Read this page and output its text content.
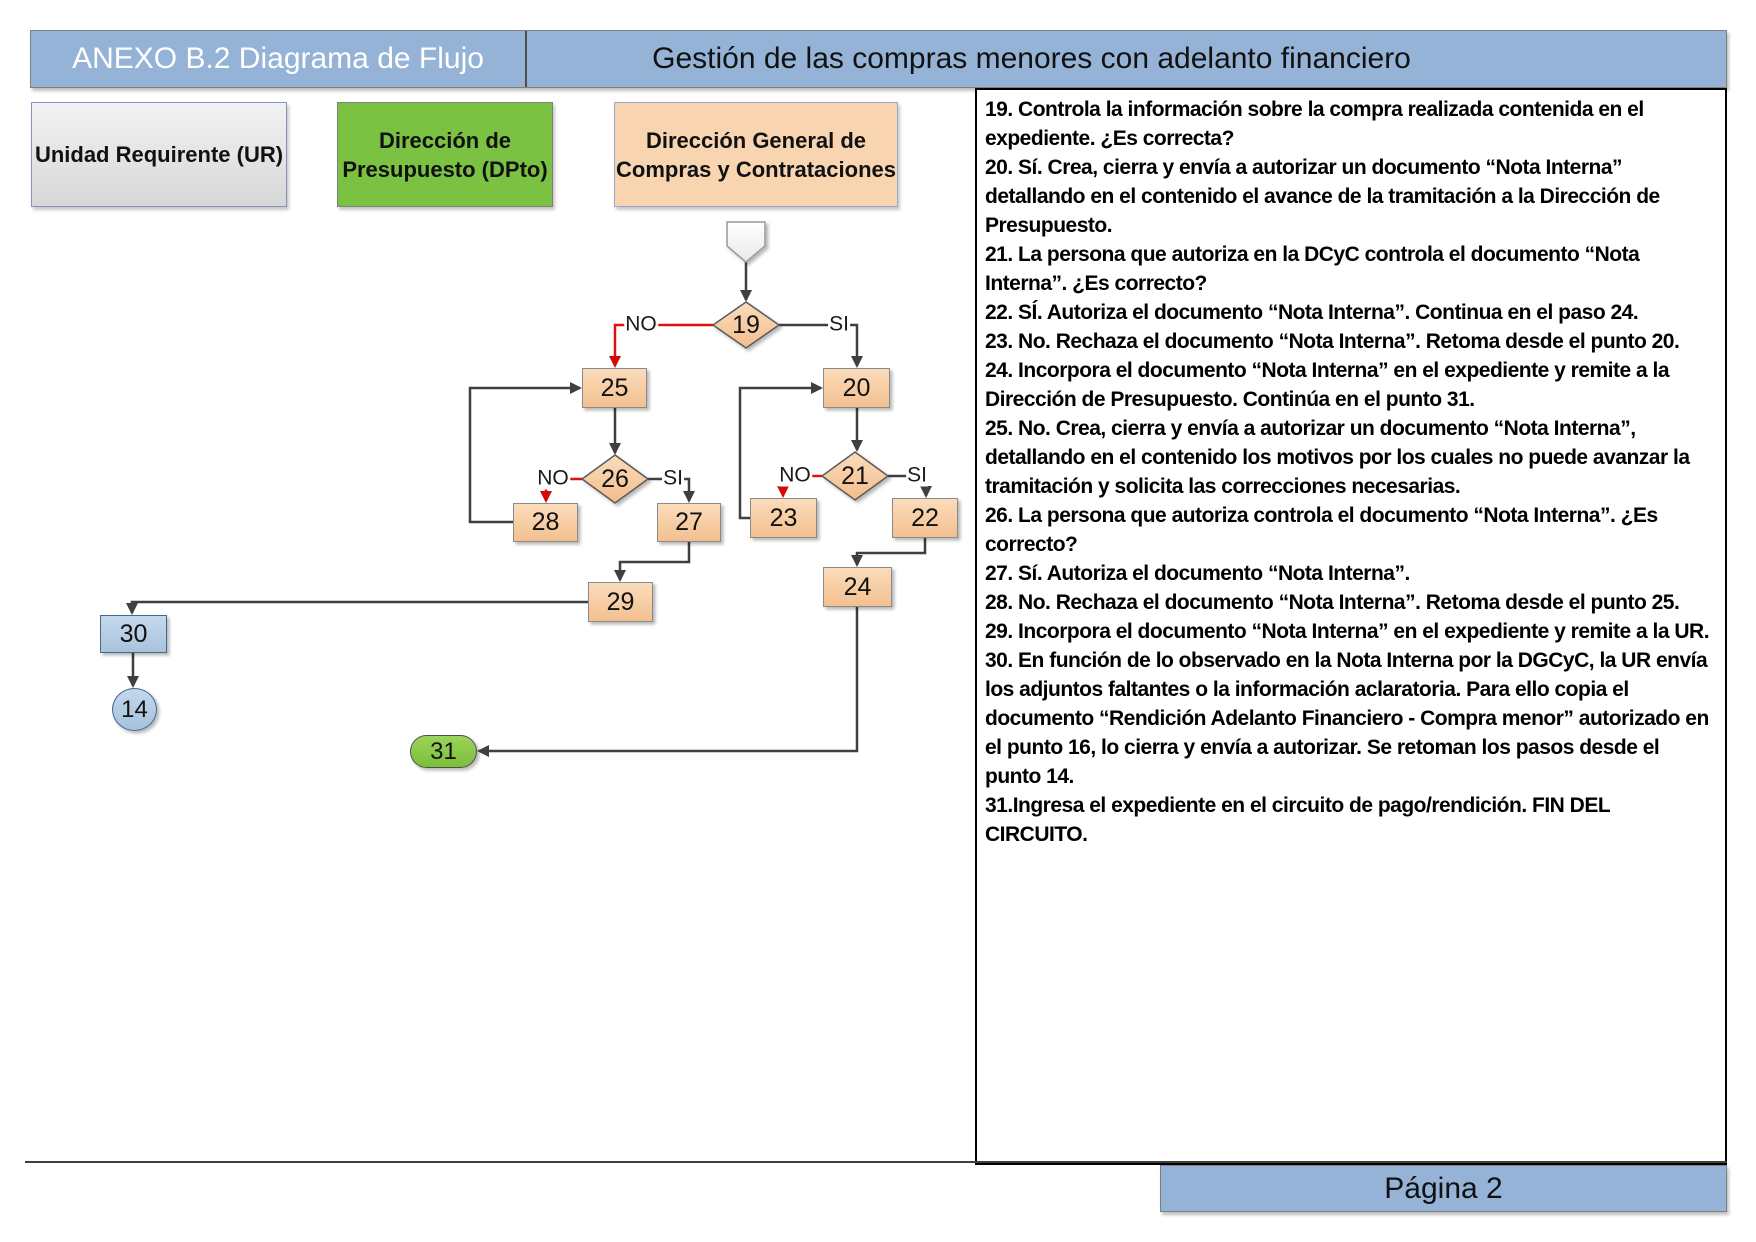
ANEXO B.2 Diagrama de Flujo	Gestión de las compras menores con adelanto financiero
Unidad Requirente (UR)
Dirección de Presupuesto (DPto)
Dirección General de Compras y Contrataciones
19
26	21
NO	SI
NO	SI	NO	SI
25	20
28	27	23	22
29
24
30
14
31

19. Controla la información sobre la compra realizada contenida en el expediente. ¿Es correcta?

20. Sí. Crea, cierra y envía a autorizar un documento “Nota Interna” detallando en el contenido el avance de la tramitación a la Dirección de Presupuesto.

21. La persona que autoriza en la DCyC controla el documento “Nota Interna”. ¿Es correcto?

22. SÍ. Autoriza el documento “Nota Interna”. Continua en el paso 24.

23. No. Rechaza el documento “Nota Interna”. Retoma desde el punto 20.

24. Incorpora el documento “Nota Interna” en el expediente y remite a la Dirección de Presupuesto. Continúa en el punto 31.

25. No. Crea, cierra y envía a autorizar un documento “Nota Interna”, detallando en el contenido los motivos por los cuales no puede avanzar la tramitación y solicita las correcciones necesarias.

26. La persona que autoriza controla el documento “Nota Interna”. ¿Es correcto?

27. Sí. Autoriza el documento “Nota Interna”.

28. No. Rechaza el documento “Nota Interna”. Retoma desde el punto 25.

29. Incorpora el documento “Nota Interna” en el expediente y remite a la UR.

30. En función de lo observado en la Nota Interna por la DGCyC, la UR envía los adjuntos faltantes o la información aclaratoria. Para ello copia el documento “Rendición Adelanto Financiero - Compra menor” autorizado en el punto 16, lo cierra y envía a autorizar. Se retoman los pasos desde el punto 14.

31.Ingresa el expediente en el circuito de pago/rendición. FIN DEL CIRCUITO.

Página 2
